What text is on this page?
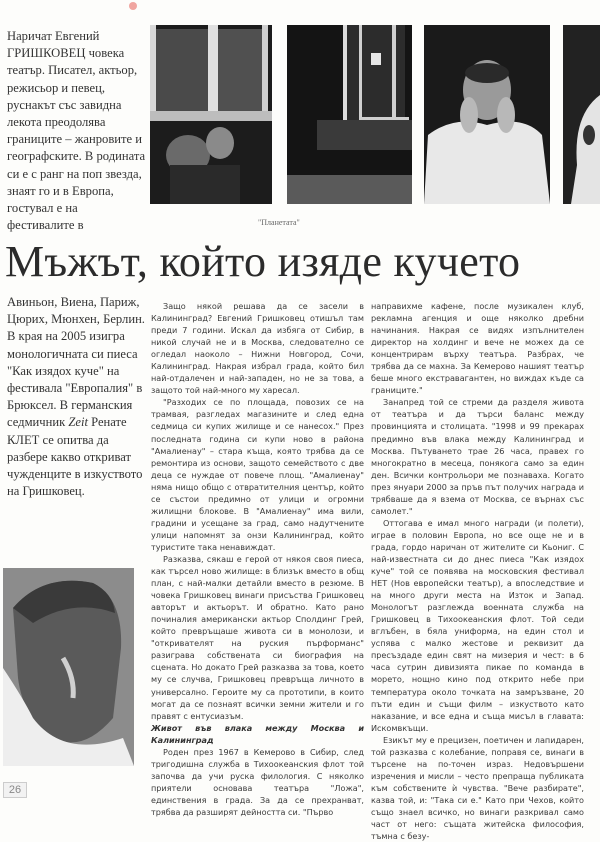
Наричат Евгений ГРИШКОВЕЦ човека театър. Писател, актьор, режисьор и певец, руснакът със завидна лекота преодолява границите – жанровите и географските. В родината си е с ранг на поп звезда, знаят го и в Европа, гостувал е на фестивалите в	"Планетата"
Мъжът, който изяде кучето
Авиньон, Виена, Париж, Цюрих, Мюнхен, Берлин. В края на 2005 изигра монологичната си пиеса "Как изядох куче" на фестивала "Европалия" в Брюксел. В германския седмичник Zeit Ренате КЛЕТ се опитва да разбере какво откриват чужденците в изкуството на Гришковец.
26

Защо някой решава да се засели в Калининград? Евгений Гришковец отишъл там преди 7 години. Искал да избяга от Сибир, в никой случай не и в Москва, следователно се огледал наоколо – Нижни Новгород, Сочи, Калининград. Накрая избрал града, който бил най-отдалечен и най-западен, но не за това, а защото той най-много му харесал.

"Разходих се по площада, повозих се на трамвая, разгледах магазините и след една седмица си купих жилище и се нанесох." През последната година си купи ново в района "Амалиенау" – стара къща, която трябва да се ремонтира из основи, защото семейството с две деца се нуждае от повече площ. "Амалиенау" няма нищо общо с отвратителния център, който се състои предимно от улици и огромни жилищни блокове. В "Амалиенау" има вили, градини и усещане за град, само надутчените улици напомнят за онзи Калининград, който туристите така ненавиждат.

Разказва, сякаш е герой от някоя своя пиеса, как търсел ново жилище: в близък вместо в общ план, с най-малки детайли вместо в резюме. В човека Гришковец винаги присъства Гришковец авторът и актьорът. И обратно. Като рано починалия американски актьор Сполдинг Грей, който превръщаше живота си в монолози, и "откривателят на руския пърформанс" разиграва собствената си биография на сцената. Но докато Грей разказва за това, което му се случва, Гришковец превръща личното в универсално. Героите му са прототипи, в които могат да се познаят всички земни жители и го правят с ентусиазъм.

Живот във влака между Москва и Калининград

Роден през 1967 в Кемерово в Сибир, след тригодишна служба в Тихоокеанския флот той започва да учи руска филология. С няколко приятели основава театъра "Ложа", единствения в града. За да се прехранват, трябва да разширят дейността си. "Първо

направихме кафене, после музикален клуб, рекламна агенция и още няколко дребни начинания. Накрая се видях изпълнителен директор на холдинг и вече не можех да се концентрирам върху театъра. Разбрах, че трябва да се махна. За Кемерово нашият театър беше много екстравагантен, но виждах къде са границите."

Занапред той се стреми да разделя живота от театъра и да търси баланс между провинцията и столицата. "1998 и 99 прекарах предимно във влака между Калининград и Москва. Пътуването трае 26 часа, правех го многократно в месеца, понякога само за един ден. Всички контрольори ме познаваха. Когато през януари 2000 за пръв път получих награда и трябваше да я взема от Москва, се върнах със самолет."

Оттогава е имал много награди (и полети), играе в половин Европа, но все още не и в града, гордо наричан от жителите си Кьониг. С най-известната си до днес пиеса "Как изядох куче" той се появява на московския фестивал НЕТ (Нов европейски театър), а впоследствие и на много други места на Изток и Запад. Монологът разглежда военната служба на Гришковец в Тихоокеанския флот. Той седи вглъбен, в бяла униформа, на един стол и успява с малко жестове и реквизит да пресъздаде един свят на мизерия и чест: в 6 часа сутрин дивизията пикае по команда в морето, нощно кино под открито небе при температура около точката на замръзване, 20 пъти един и същи филм – изкуството като наказание, и все една и съща мисъл в главата: Искомвкъщи.

Езикът му е прецизен, поетичен и лапидарен, той разказва с колебание, поправя се, винаги в търсене на по-точен израз. Недовършени изречения и мисли – често препраща публиката към собствените ѝ чувства. "Вече разбирате", казва той, и: "Така си е." Като при Чехов, който също знаел всичко, но винаги разкривал само част от него: същата житейска философия, тъмна с безу-
